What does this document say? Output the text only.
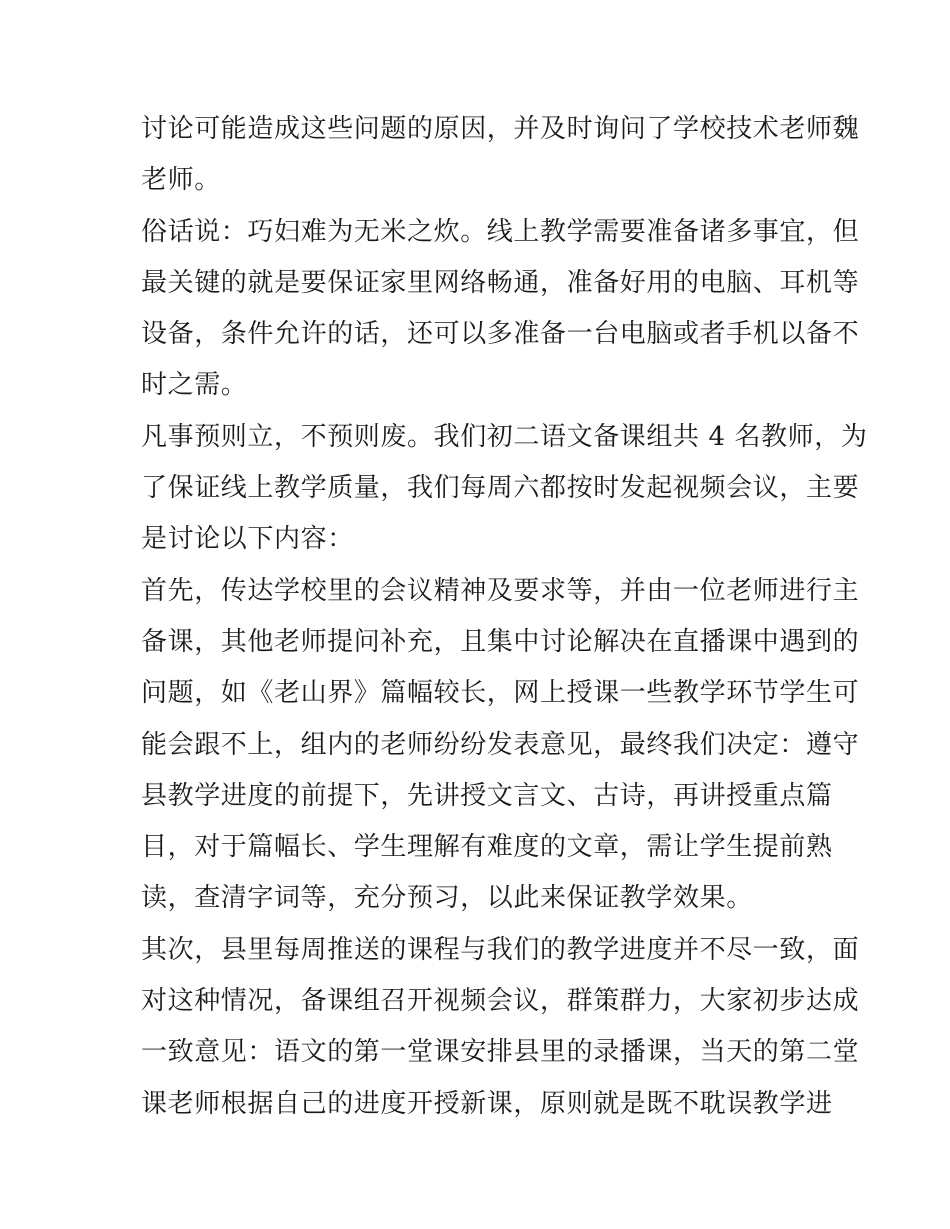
讨论可能造成这些问题的原因，并及时询问了学校技术老师魏
老师。
俗话说：巧妇难为无米之炊。线上教学需要准备诸多事宜，但
最关键的就是要保证家里网络畅通，准备好用的电脑、耳机等
设备，条件允许的话，还可以多准备一台电脑或者手机以备不
时之需。
凡事预则立，不预则废。我们初二语文备课组共 4 名教师，为
了保证线上教学质量，我们每周六都按时发起视频会议，主要
是讨论以下内容：
首先，传达学校里的会议精神及要求等，并由一位老师进行主
备课，其他老师提问补充，且集中讨论解决在直播课中遇到的
问题，如《老山界》篇幅较长，网上授课一些教学环节学生可
能会跟不上，组内的老师纷纷发表意见，最终我们决定：遵守
县教学进度的前提下，先讲授文言文、古诗，再讲授重点篇
目，对于篇幅长、学生理解有难度的文章，需让学生提前熟
读，查清字词等，充分预习，以此来保证教学效果。
其次，县里每周推送的课程与我们的教学进度并不尽一致，面
对这种情况，备课组召开视频会议，群策群力，大家初步达成
一致意见：语文的第一堂课安排县里的录播课，当天的第二堂
课老师根据自己的进度开授新课，原则就是既不耽误教学进
